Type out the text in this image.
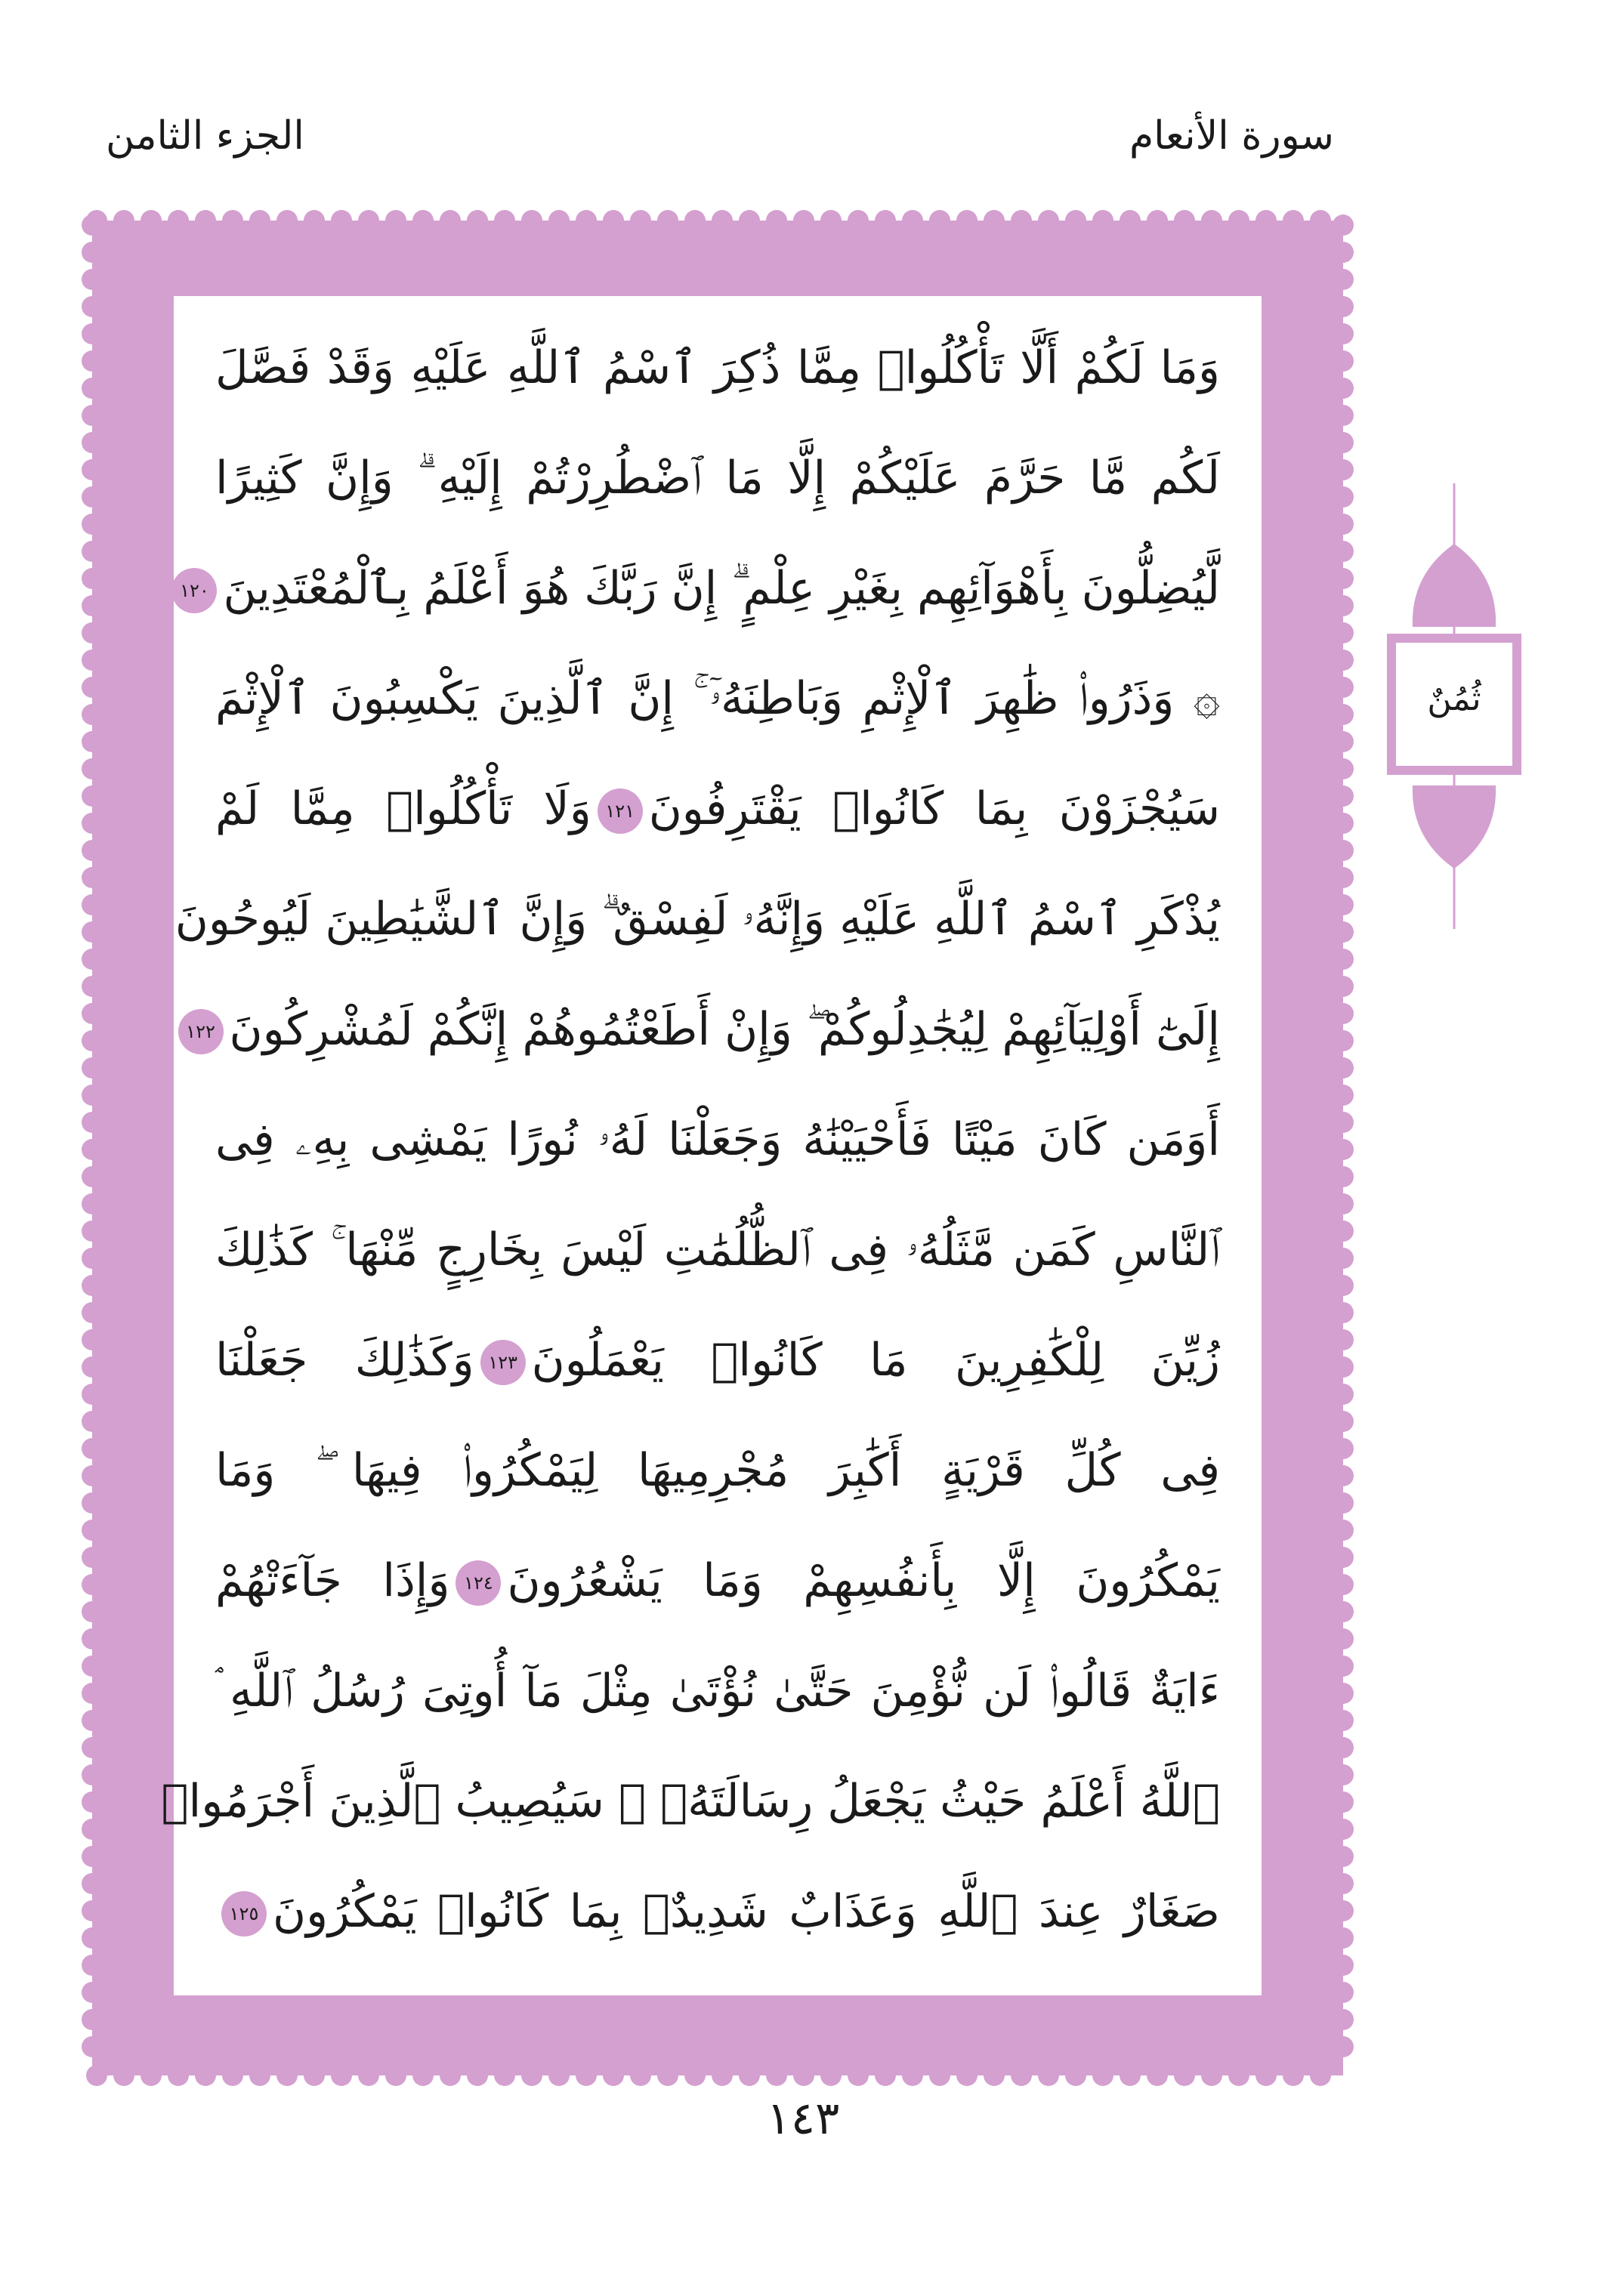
سورة الأنعام
الجزء الثامن
ثُمُنٌ
وَمَا لَكُمْ أَلَّا تَأْكُلُوا۟ مِمَّا ذُكِرَ ٱسْمُ ٱللَّهِ عَلَيْهِ وَقَدْ فَصَّلَ
لَكُم مَّا حَرَّمَ عَلَيْكُمْ إِلَّا مَا ٱضْطُرِرْتُمْ إِلَيْهِ ۗ وَإِنَّ كَثِيرًا
لَّيُضِلُّونَ بِأَهْوَآئِهِم بِغَيْرِ عِلْمٍ ۗ إِنَّ رَبَّكَ هُوَ أَعْلَمُ بِٱلْمُعْتَدِينَ١٢٠
۞ وَذَرُوا۟ ظَٰهِرَ ٱلْإِثْمِ وَبَاطِنَهُۥٓ ۚ إِنَّ ٱلَّذِينَ يَكْسِبُونَ ٱلْإِثْمَ
سَيُجْزَوْنَ بِمَا كَانُوا۟ يَقْتَرِفُونَ١٢١وَلَا تَأْكُلُوا۟ مِمَّا لَمْ
يُذْكَرِ ٱسْمُ ٱللَّهِ عَلَيْهِ وَإِنَّهُۥ لَفِسْقٌ ۗ وَإِنَّ ٱلشَّيَٰطِينَ لَيُوحُونَ
إِلَىٰٓ أَوْلِيَآئِهِمْ لِيُجَٰدِلُوكُمْ ۖ وَإِنْ أَطَعْتُمُوهُمْ إِنَّكُمْ لَمُشْرِكُونَ١٢٢
أَوَمَن كَانَ مَيْتًا فَأَحْيَيْنَٰهُ وَجَعَلْنَا لَهُۥ نُورًا يَمْشِى بِهِۦ فِى
ٱلنَّاسِ كَمَن مَّثَلُهُۥ فِى ٱلظُّلُمَٰتِ لَيْسَ بِخَارِجٍ مِّنْهَا ۚ كَذَٰلِكَ
زُيِّنَ لِلْكَٰفِرِينَ مَا كَانُوا۟ يَعْمَلُونَ١٢٣وَكَذَٰلِكَ جَعَلْنَا
فِى كُلِّ قَرْيَةٍ أَكَٰبِرَ مُجْرِمِيهَا لِيَمْكُرُوا۟ فِيهَا ۖ وَمَا
يَمْكُرُونَ إِلَّا بِأَنفُسِهِمْ وَمَا يَشْعُرُونَ١٢٤وَإِذَا جَآءَتْهُمْ
ءَايَةٌ قَالُوا۟ لَن نُّؤْمِنَ حَتَّىٰ نُؤْتَىٰ مِثْلَ مَآ أُوتِىَ رُسُلُ ٱللَّهِ ۘ
ٱللَّهُ أَعْلَمُ حَيْثُ يَجْعَلُ رِسَالَتَهُۥ ۗ سَيُصِيبُ ٱلَّذِينَ أَجْرَمُوا۟
صَغَارٌ عِندَ ٱللَّهِ وَعَذَابٌ شَدِيدٌۢ بِمَا كَانُوا۟ يَمْكُرُونَ١٢٥
١٤٣
